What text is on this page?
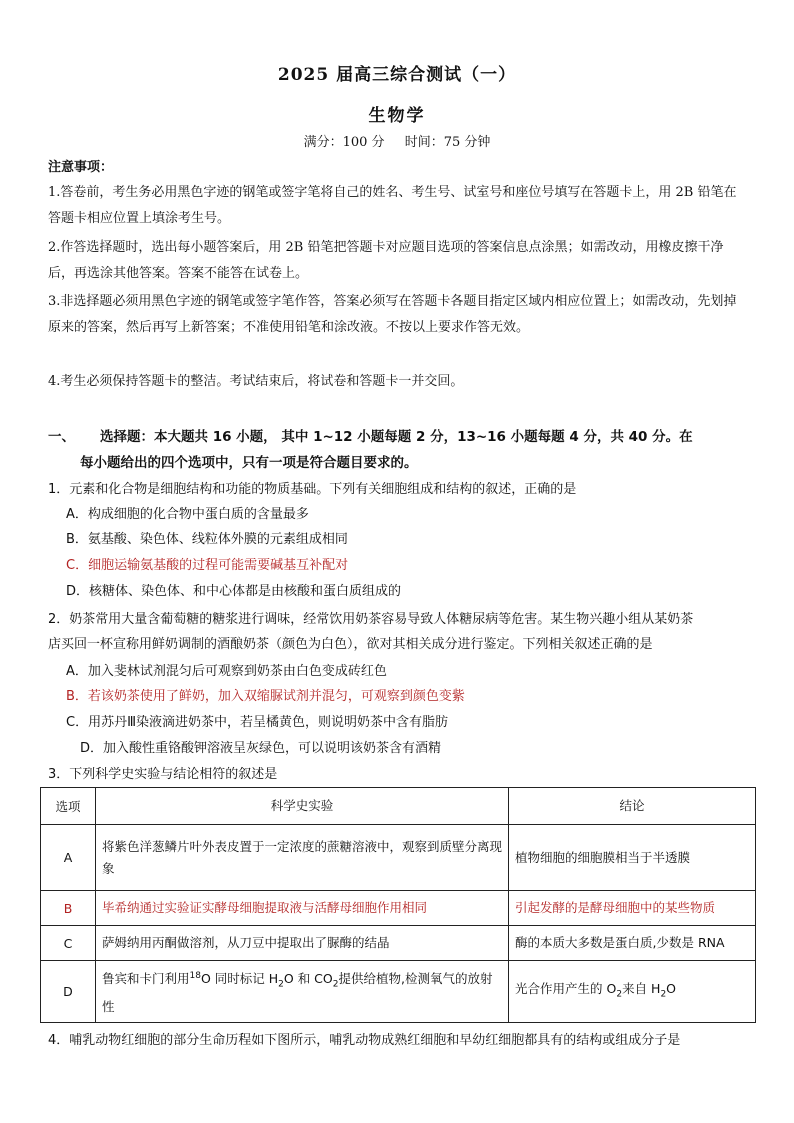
2025 届高三综合测试（一）
生物学
满分：100 分 时间：75 分钟
注意事项：
1.答卷前，考生务必用黑色字迹的钢笔或签字笔将自己的姓名、考生号、试室号和座位号填写在答题卡上，用 2B 铅笔在答题卡相应位置上填涂考生号。
2.作答选择题时，选出每小题答案后，用 2B 铅笔把答题卡对应题目选项的答案信息点涂黑；如需改动，用橡皮擦干净后，再选涂其他答案。答案不能答在试卷上。
3.非选择题必须用黑色字迹的钢笔或签字笔作答，答案必须写在答题卡各题目指定区域内相应位置上；如需改动，先划掉原来的答案，然后再写上新答案；不准使用铅笔和涂改液。不按以上要求作答无效。
4.考生必须保持答题卡的整洁。考试结束后，将试卷和答题卡一并交回。
一、 选择题：本大题共 16 小题， 其中 1~12 小题每题 2 分，13~16 小题每题 4 分，共 40 分。在
每小题给出的四个选项中，只有一项是符合题目要求的。
1．元素和化合物是细胞结构和功能的物质基础。下列有关细胞组成和结构的叙述，正确的是
A．构成细胞的化合物中蛋白质的含量最多
B．氨基酸、染色体、线粒体外膜的元素组成相同
C．细胞运输氨基酸的过程可能需要碱基互补配对
D．核糖体、染色体、和中心体都是由核酸和蛋白质组成的
2．奶茶常用大量含葡萄糖的糖浆进行调味，经常饮用奶茶容易导致人体糖尿病等危害。某生物兴趣小组从某奶茶
店买回一杯宣称用鲜奶调制的酒酿奶茶（颜色为白色），欲对其相关成分进行鉴定。下列相关叙述正确的是
A．加入斐林试剂混匀后可观察到奶茶由白色变成砖红色
B．若该奶茶使用了鲜奶，加入双缩脲试剂并混匀，可观察到颜色变紫
C．用苏丹Ⅲ染液滴进奶茶中，若呈橘黄色，则说明奶茶中含有脂肪
D．加入酸性重铬酸钾溶液呈灰绿色，可以说明该奶茶含有酒精
3．下列科学史实验与结论相符的叙述是
选项	科学史实验	结论
A	将紫色洋葱鳞片叶外表皮置于一定浓度的蔗糖溶液中，观察到质壁分离现象	植物细胞的细胞膜相当于半透膜
B	毕希纳通过实验证实酵母细胞提取液与活酵母细胞作用相同	引起发酵的是酵母细胞中的某些物质
C	萨姆纳用丙酮做溶剂，从刀豆中提取出了脲酶的结晶	酶的本质大多数是蛋白质,少数是 RNA
D	鲁宾和卡门利用$^{18}$O 同时标记 $H_2O$ 和 $CO_2$提供给植物,检测氧气的放射性	光合作用产生的 $O_2$来自 $H_2O$
4．哺乳动物红细胞的部分生命历程如下图所示，哺乳动物成熟红细胞和早幼红细胞都具有的结构或组成分子是
